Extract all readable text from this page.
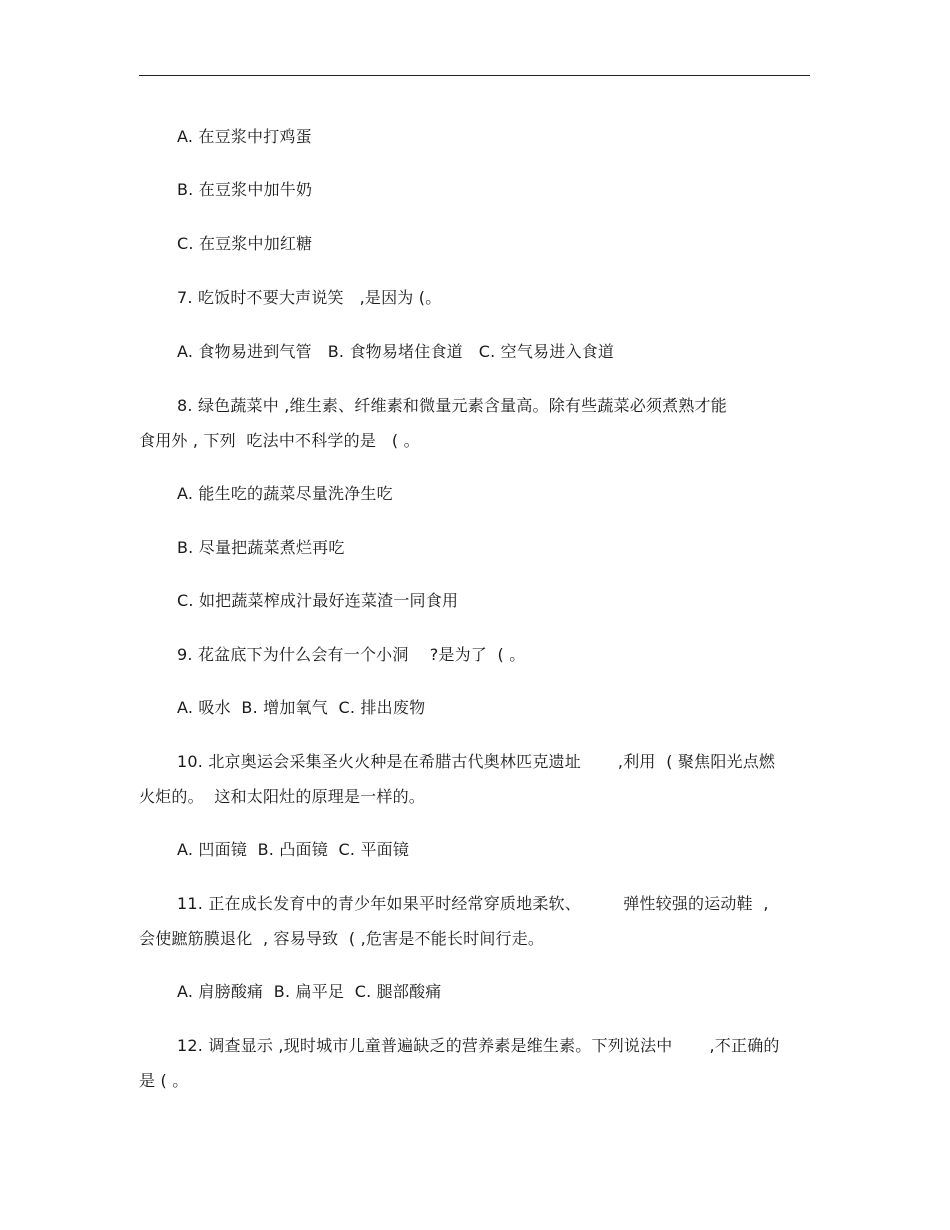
A. 在豆浆中打鸡蛋
B. 在豆浆中加牛奶
C. 在豆浆中加红糖
7. 吃饭时不要大声说笑   ,是因为 (。
A. 食物易进到气管   B. 食物易堵住食道   C. 空气易进入食道
8. 绿色蔬菜中 ,维生素、纤维素和微量元素含量高。除有些蔬菜必须煮熟才能
食用外 , 下列  吃法中不科学的是   ( 。
A. 能生吃的蔬菜尽量洗净生吃
B. 尽量把蔬菜煮烂再吃
C. 如把蔬菜榨成汁最好连菜渣一同食用
9. 花盆底下为什么会有一个小洞    ?是为了  ( 。
A. 吸水  B. 增加氧气  C. 排出废物
10. 北京奥运会采集圣火火种是在希腊古代奥林匹克遗址       ,利用  ( 聚焦阳光点燃
火炬的。  这和太阳灶的原理是一样的。
A. 凹面镜  B. 凸面镜  C. 平面镜
11. 正在成长发育中的青少年如果平时经常穿质地柔软、        弹性较强的运动鞋  ,
会使蹠筋膜退化  , 容易导致  ( ,危害是不能长时间行走。
A. 肩膀酸痛  B. 扁平足  C. 腿部酸痛
12. 调查显示 ,现时城市儿童普遍缺乏的营养素是维生素。下列说法中       ,不正确的
是 ( 。
